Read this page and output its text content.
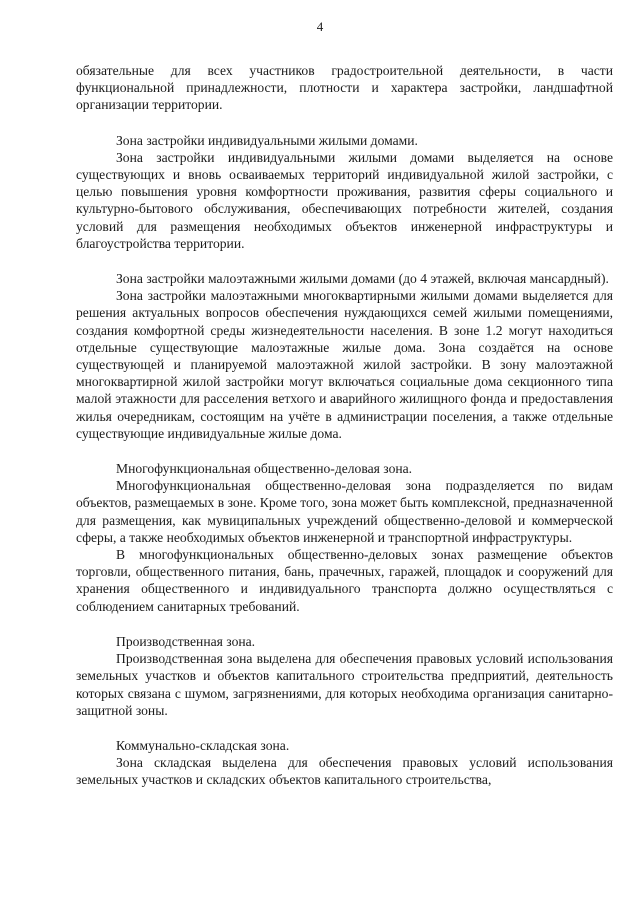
4

обязательные для всех участников градостроительной деятельности, в части функциональной принадлежности, плотности и характера застройки, ландшафтной организации территории.

Зона застройки индивидуальными жилыми домами.

Зона застройки индивидуальными жилыми домами выделяется на основе существующих и вновь осваиваемых территорий индивидуальной жилой застройки, с целью повышения уровня комфортности проживания, развития сферы социального и культурно-бытового обслуживания, обеспечивающих потребности жителей, создания условий для размещения необходимых объектов инженерной инфраструктуры и благоустройства территории.

Зона застройки малоэтажными жилыми домами (до 4 этажей, включая мансардный).

Зона застройки малоэтажными многоквартирными жилыми домами выделяется для решения актуальных вопросов обеспечения нуждающихся семей жилыми помещениями, создания комфортной среды жизнедеятельности населения. В зоне 1.2 могут находиться отдельные существующие малоэтажные жилые дома. Зона создаётся на основе существующей и планируемой малоэтажной жилой застройки. В зону малоэтажной многоквартирной жилой застройки могут включаться социальные дома секционного типа малой этажности для расселения ветхого и аварийного жилищного фонда и предоставления жилья очередникам, состоящим на учёте в администрации поселения, а также отдельные существующие индивидуальные жилые дома.

Многофункциональная общественно-деловая зона.

Многофункциональная общественно-деловая зона подразделяется по видам объектов, размещаемых в зоне. Кроме того, зона может быть комплексной, предназначенной для размещения, как мувиципальных учреждений общественно-деловой и коммерческой сферы, а также необходимых объектов инженерной и транспортной инфраструктуры.

В многофункциональных общественно-деловых зонах размещение объектов торговли, общественного питания, бань, прачечных, гаражей, площадок и сооружений для хранения общественного и индивидуального транспорта должно осуществляться с соблюдением санитарных требований.

Производственная зона.

Производственная зона выделена для обеспечения правовых условий использования земельных участков и объектов капитального строительства предприятий, деятельность которых связана с шумом, загрязнениями, для которых необходима организация санитарно-защитной зоны.

Коммунально-складская зона.

Зона складская выделена для обеспечения правовых условий использования земельных участков и складских объектов капитального строительства,
